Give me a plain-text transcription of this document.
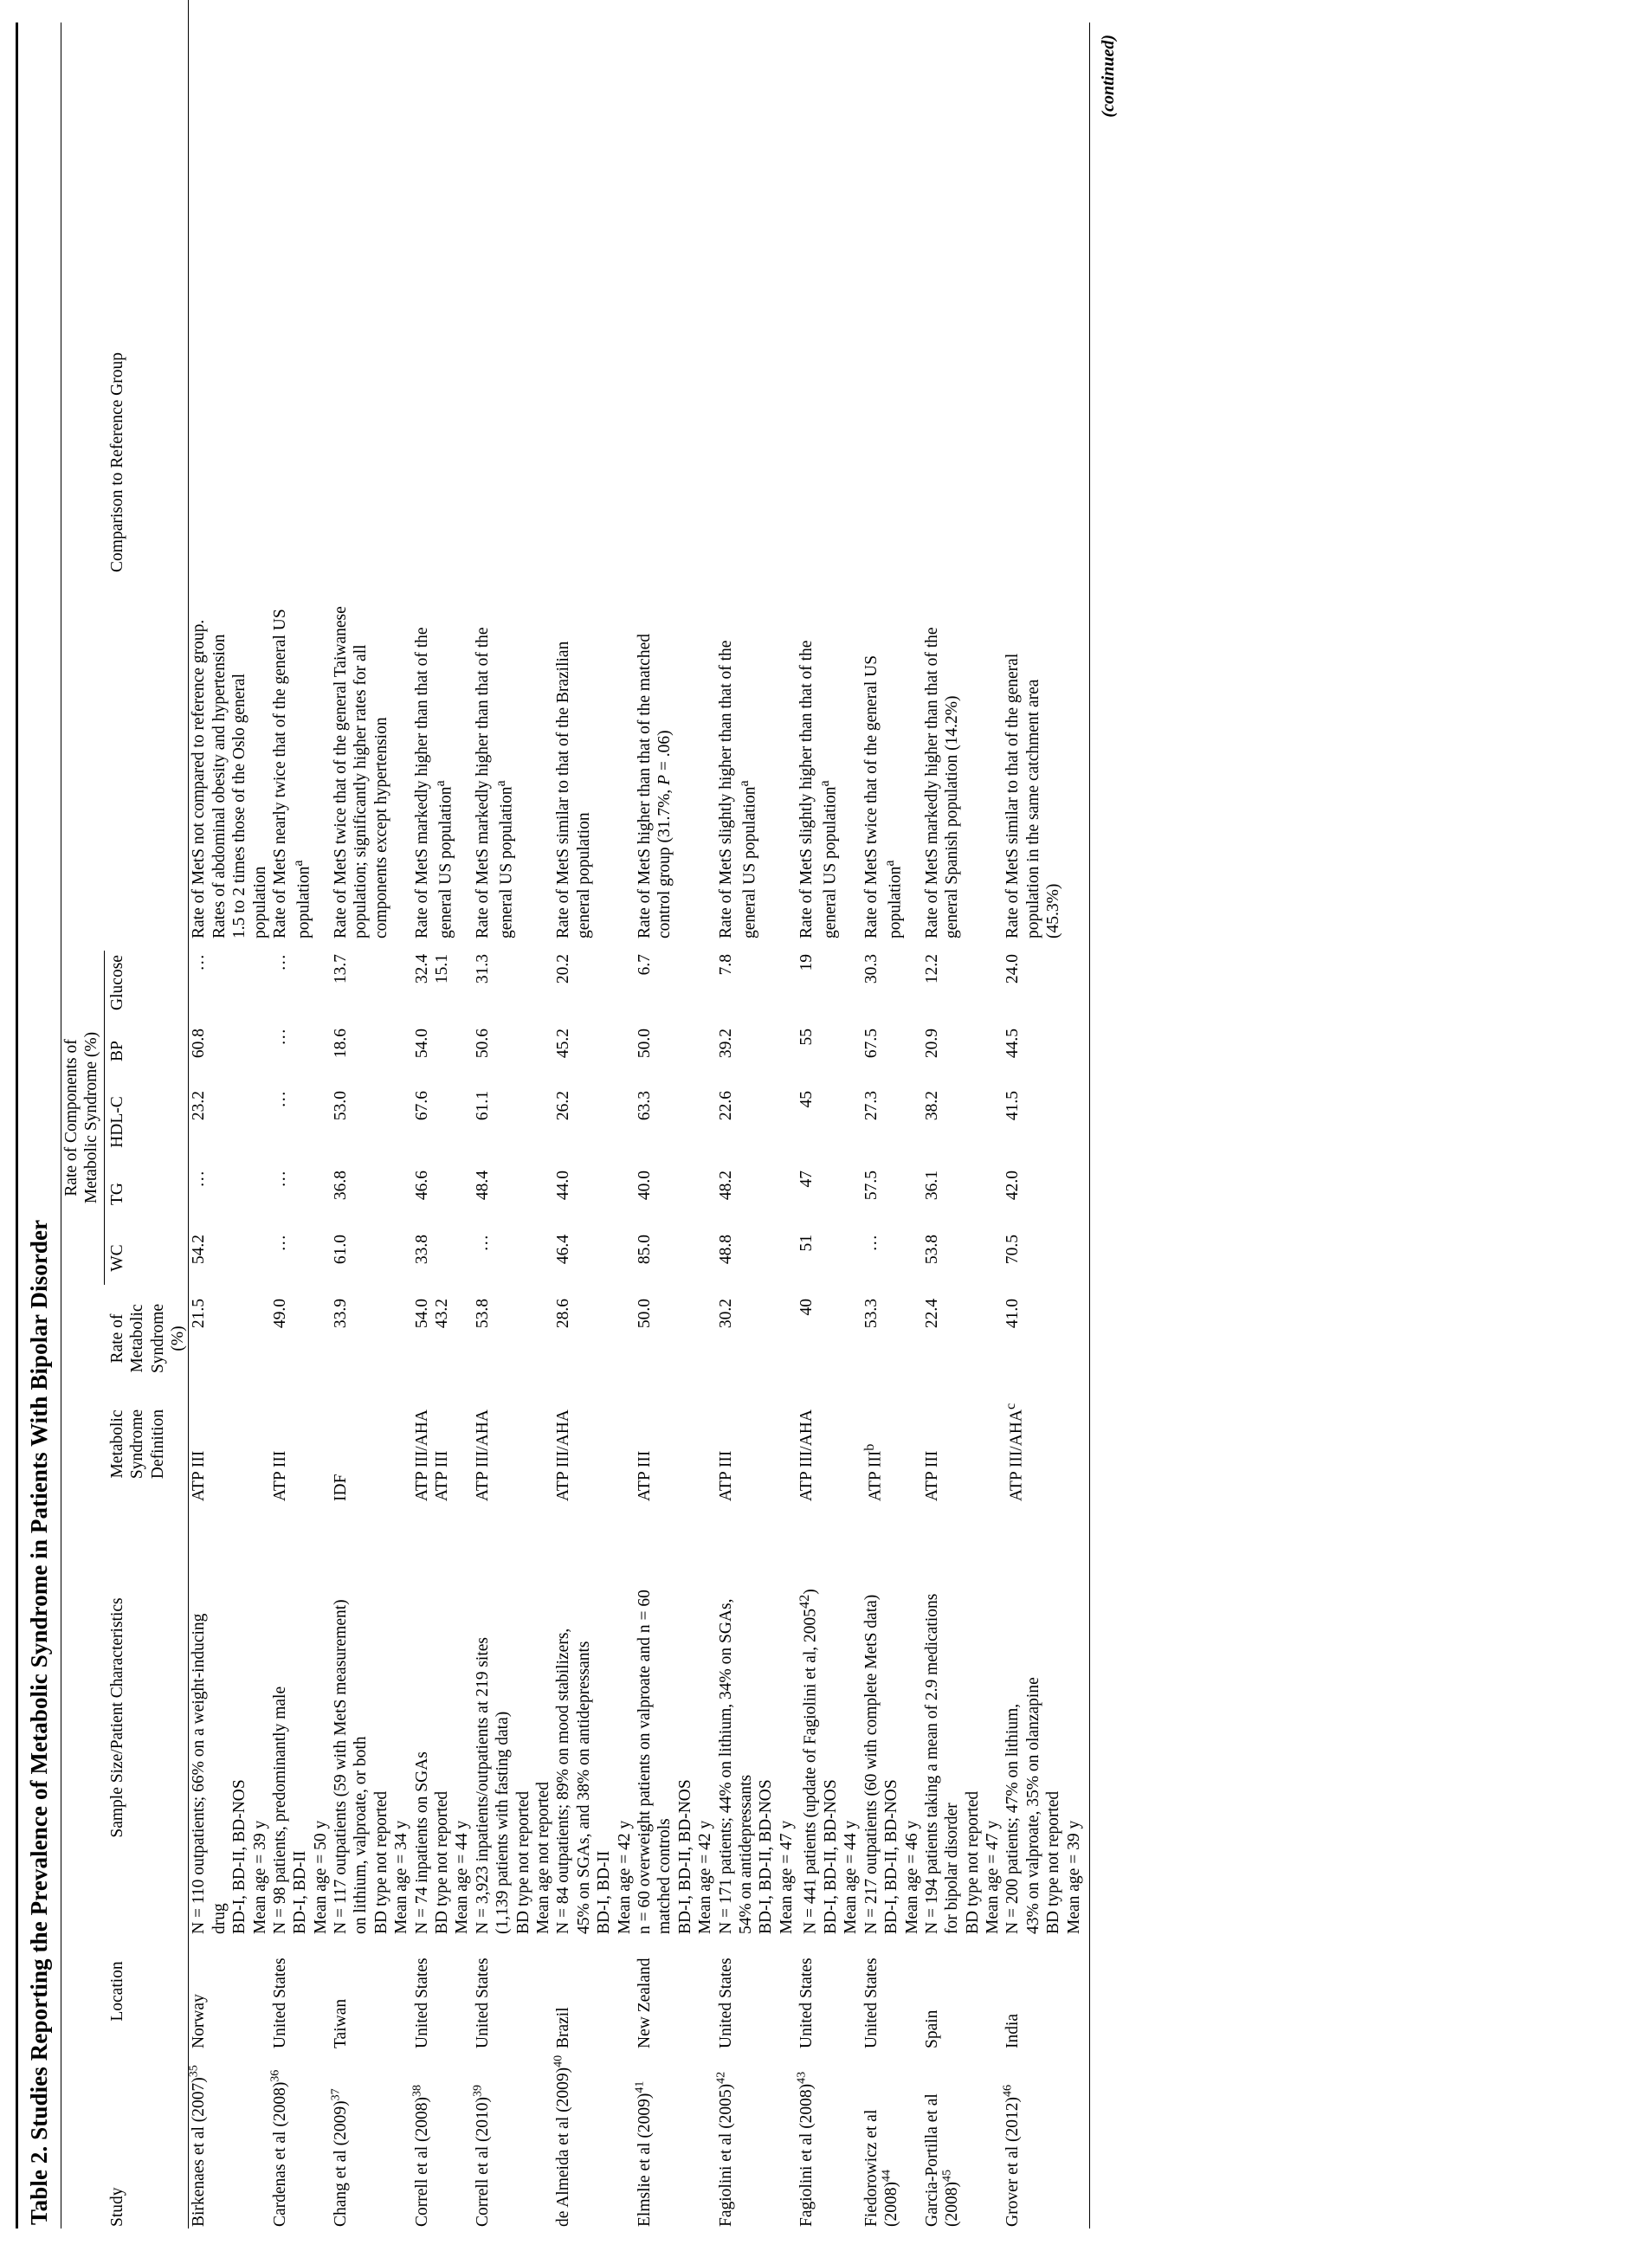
Table 2. Studies Reporting the Prevalence of Metabolic Syndrome in Patients With Bipolar Disorder
					Rate of Components of Metabolic Syndrome (%)				

Study	Location	Sample Size/Patient Characteristics	Metabolic Syndrome Definition	Rate of Metabolic Syndrome (%)	WC	TG	HDL-C	BP	Glucose	Comparison to Reference Group

Birkenaes et al $(2007)^{35}$	Norway	N = 110 outpatients; 66% on a weight-inducing drug BD-I, BD-II, BD-NOS Mean age = 39 y	ATP III	21.5	54.2	…	23.2	60.8	…	Rate of MetS not compared to reference group. Rates of abdominal obesity and hypertension 1.5 to 2 times those of the Oslo general population

Cardenas et al $(2008)^{36}$	United States	N = 98 patients, predominantly male BD-I, BD-II Mean age = 50 y	ATP III	49.0	…	…	…	…	…	Rate of MetS nearly twice that of the general US population$^a$

Chang et al $(2009)^{37}$	Taiwan	N = 117 outpatients (59 with MetS measurement) on lithium, valproate, or both BD type not reported Mean age = 34 y	IDF	33.9	61.0	36.8	53.0	18.6	13.7	Rate of MetS twice that of the general Taiwanese population; significantly higher rates for all components except hypertension

Correll et al $(2008)^{38}$	United States	N = 74 inpatients on SGAs BD type not reported Mean age = 44 y	ATP III/AHA ATP III	54.0 43.2	33.8	46.6	67.6	54.0	32.4 15.1	Rate of MetS markedly higher than that of the general US population$^a$

Correll et al $(2010)^{39}$	United States	N = 3,923 inpatients/outpatients at 219 sites (1,139 patients with fasting data) BD type not reported Mean age not reported	ATP III/AHA	53.8	…	48.4	61.1	50.6	31.3	Rate of MetS markedly higher than that of the general US population$^a$

de Almeida et al $(2009)^{40}$	Brazil	N = 84 outpatients; 89% on mood stabilizers, 45% on SGAs, and 38% on antidepressants BD-I, BD-II Mean age = 42 y	ATP III/AHA	28.6	46.4	44.0	26.2	45.2	20.2	Rate of MetS similar to that of the Brazilian general population

Elmslie et al $(2009)^{41}$	New Zealand	n = 60 overweight patients on valproate and n = 60 matched controls BD-I, BD-II, BD-NOS Mean age = 42 y	ATP III	50.0	85.0	40.0	63.3	50.0	6.7	Rate of MetS higher than that of the matched control group (31.7%, P = .06)

Fagiolini et al $(2005)^{42}$	United States	N = 171 patients; 44% on lithium, 34% on SGAs, 54% on antidepressants BD-I, BD-II, BD-NOS Mean age = 47 y	ATP III	30.2	48.8	48.2	22.6	39.2	7.8	Rate of MetS slightly higher than that of the general US population$^a$

Fagiolini et al $(2008)^{43}$	United States	N = 441 patients (update of Fagiolini et al, 2005$^{42}$)
BD-I, BD-II, BD-NOS Mean age = 44 y	ATP III/AHA	40	51	47	45	55	19	Rate of MetS slightly higher than that of the general US population$^a$

Fiedorowicz et al $(2008)^{44}$	United States	N = 217 outpatients (60 with complete MetS data) BD-I, BD-II, BD-NOS Mean age = 46 y	ATP III$^b$	53.3	…	57.5	27.3	67.5	30.3	Rate of MetS twice that of the general US population$^a$

Garcia-Portilla et al $(2008)^{45}$	Spain	N = 194 patients taking a mean of 2.9 medications for bipolar disorder BD type not reported Mean age = 47 y	ATP III	22.4	53.8	36.1	38.2	20.9	12.2	Rate of MetS markedly higher than that of the general Spanish population (14.2%)

Grover et al $(2012)^{46}$	India	N = 200 patients; 47% on lithium, 43% on valproate, 35% on olanzapine BD type not reported Mean age = 39 y	ATP III/AHA$^c$	41.0	70.5	42.0	41.5	44.5	24.0	Rate of MetS similar to that of the general population in the same catchment area (45.3%)
(continued)
